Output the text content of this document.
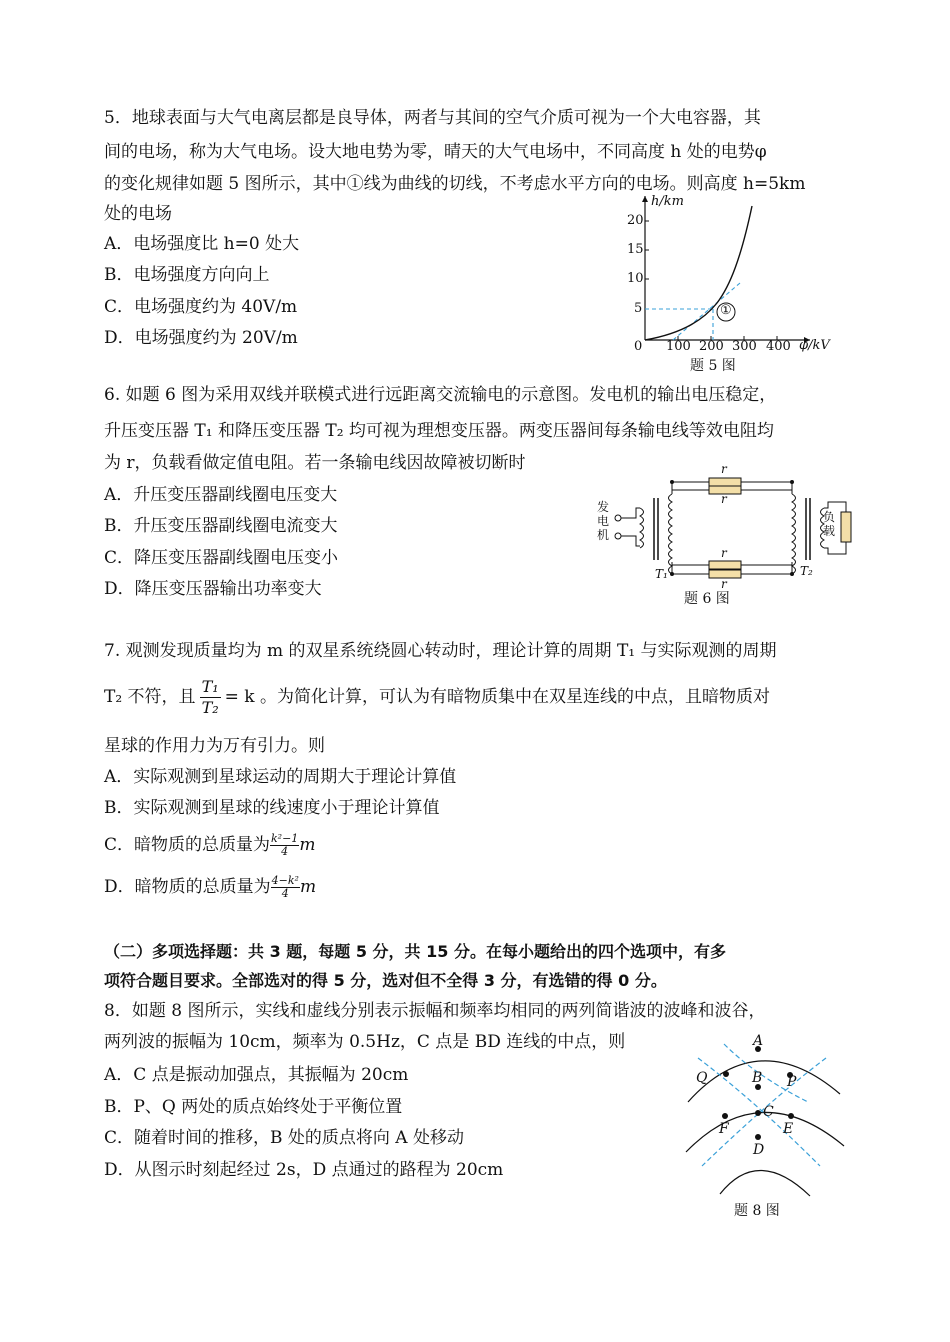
5．地球表面与大气电离层都是良导体，两者与其间的空气介质可视为一个大电容器，其
间的电场，称为大气电场。设大地电势为零，晴天的大气电场中，不同高度 h 处的电势φ
的变化规律如题 5 图所示，其中①线为曲线的切线，不考虑水平方向的电场。则高度 h=5km
处的电场
A．电场强度比 h=0 处大
B．电场强度方向向上
C．电场强度约为 40V/m
D．电场强度约为 20V/m
h/km
20
15
10
5
0 100 200 300 400 φ/kV
①
题 5 图
6. 如题 6 图为采用双线并联模式进行远距离交流输电的示意图。发电机的输出电压稳定，
升压变压器 T₁ 和降压变压器 T₂ 均可视为理想变压器。两变压器间每条输电线等效电阻均
为 r，负载看做定值电阻。若一条输电线因故障被切断时
A．升压变压器副线圈电压变大
B．升压变压器副线圈电流变大
C．降压变压器副线圈电压变小
D．降压变压器输出功率变大
发
电
机
负
载
r
r
r
r
T₁	T₂
题 6 图
7. 观测发现质量均为 m 的双星系统绕圆心转动时，理论计算的周期 T₁ 与实际观测的周期
T₂ 不符，且 $\frac{\text{T₁}}{\text{T₂}} = k$ 。为简化计算，可认为有暗物质集中在双星连线的中点，且暗物质对
星球的作用力为万有引力。则
A．实际观测到星球运动的周期大于理论计算值
B．实际观测到星球的线速度小于理论计算值
C．暗物质的总质量为 $\frac{\text{k²−1}}{4}$ m
D．暗物质的总质量为 $\frac{\text{4−k²}}{4}$ m
（二）多项选择题：共 3 题，每题 5 分，共 15 分。在每小题给出的四个选项中，有多
项符合题目要求。全部选对的得 5 分，选对但不全得 3 分，有选错的得 0 分。
8．如题 8 图所示，实线和虚线分别表示振幅和频率均相同的两列简谐波的波峰和波谷，
两列波的振幅为 10cm，频率为 0.5Hz，C 点是 BD 连线的中点，则
A．C 点是振动加强点，其振幅为 20cm
B．P、Q 两处的质点始终处于平衡位置
C．随着时间的推移，B 处的质点将向 A 处移动
D．从图示时刻起经过 2s，D 点通过的路程为 20cm
A
B
C
D
E
F
P
Q
题 8 图
